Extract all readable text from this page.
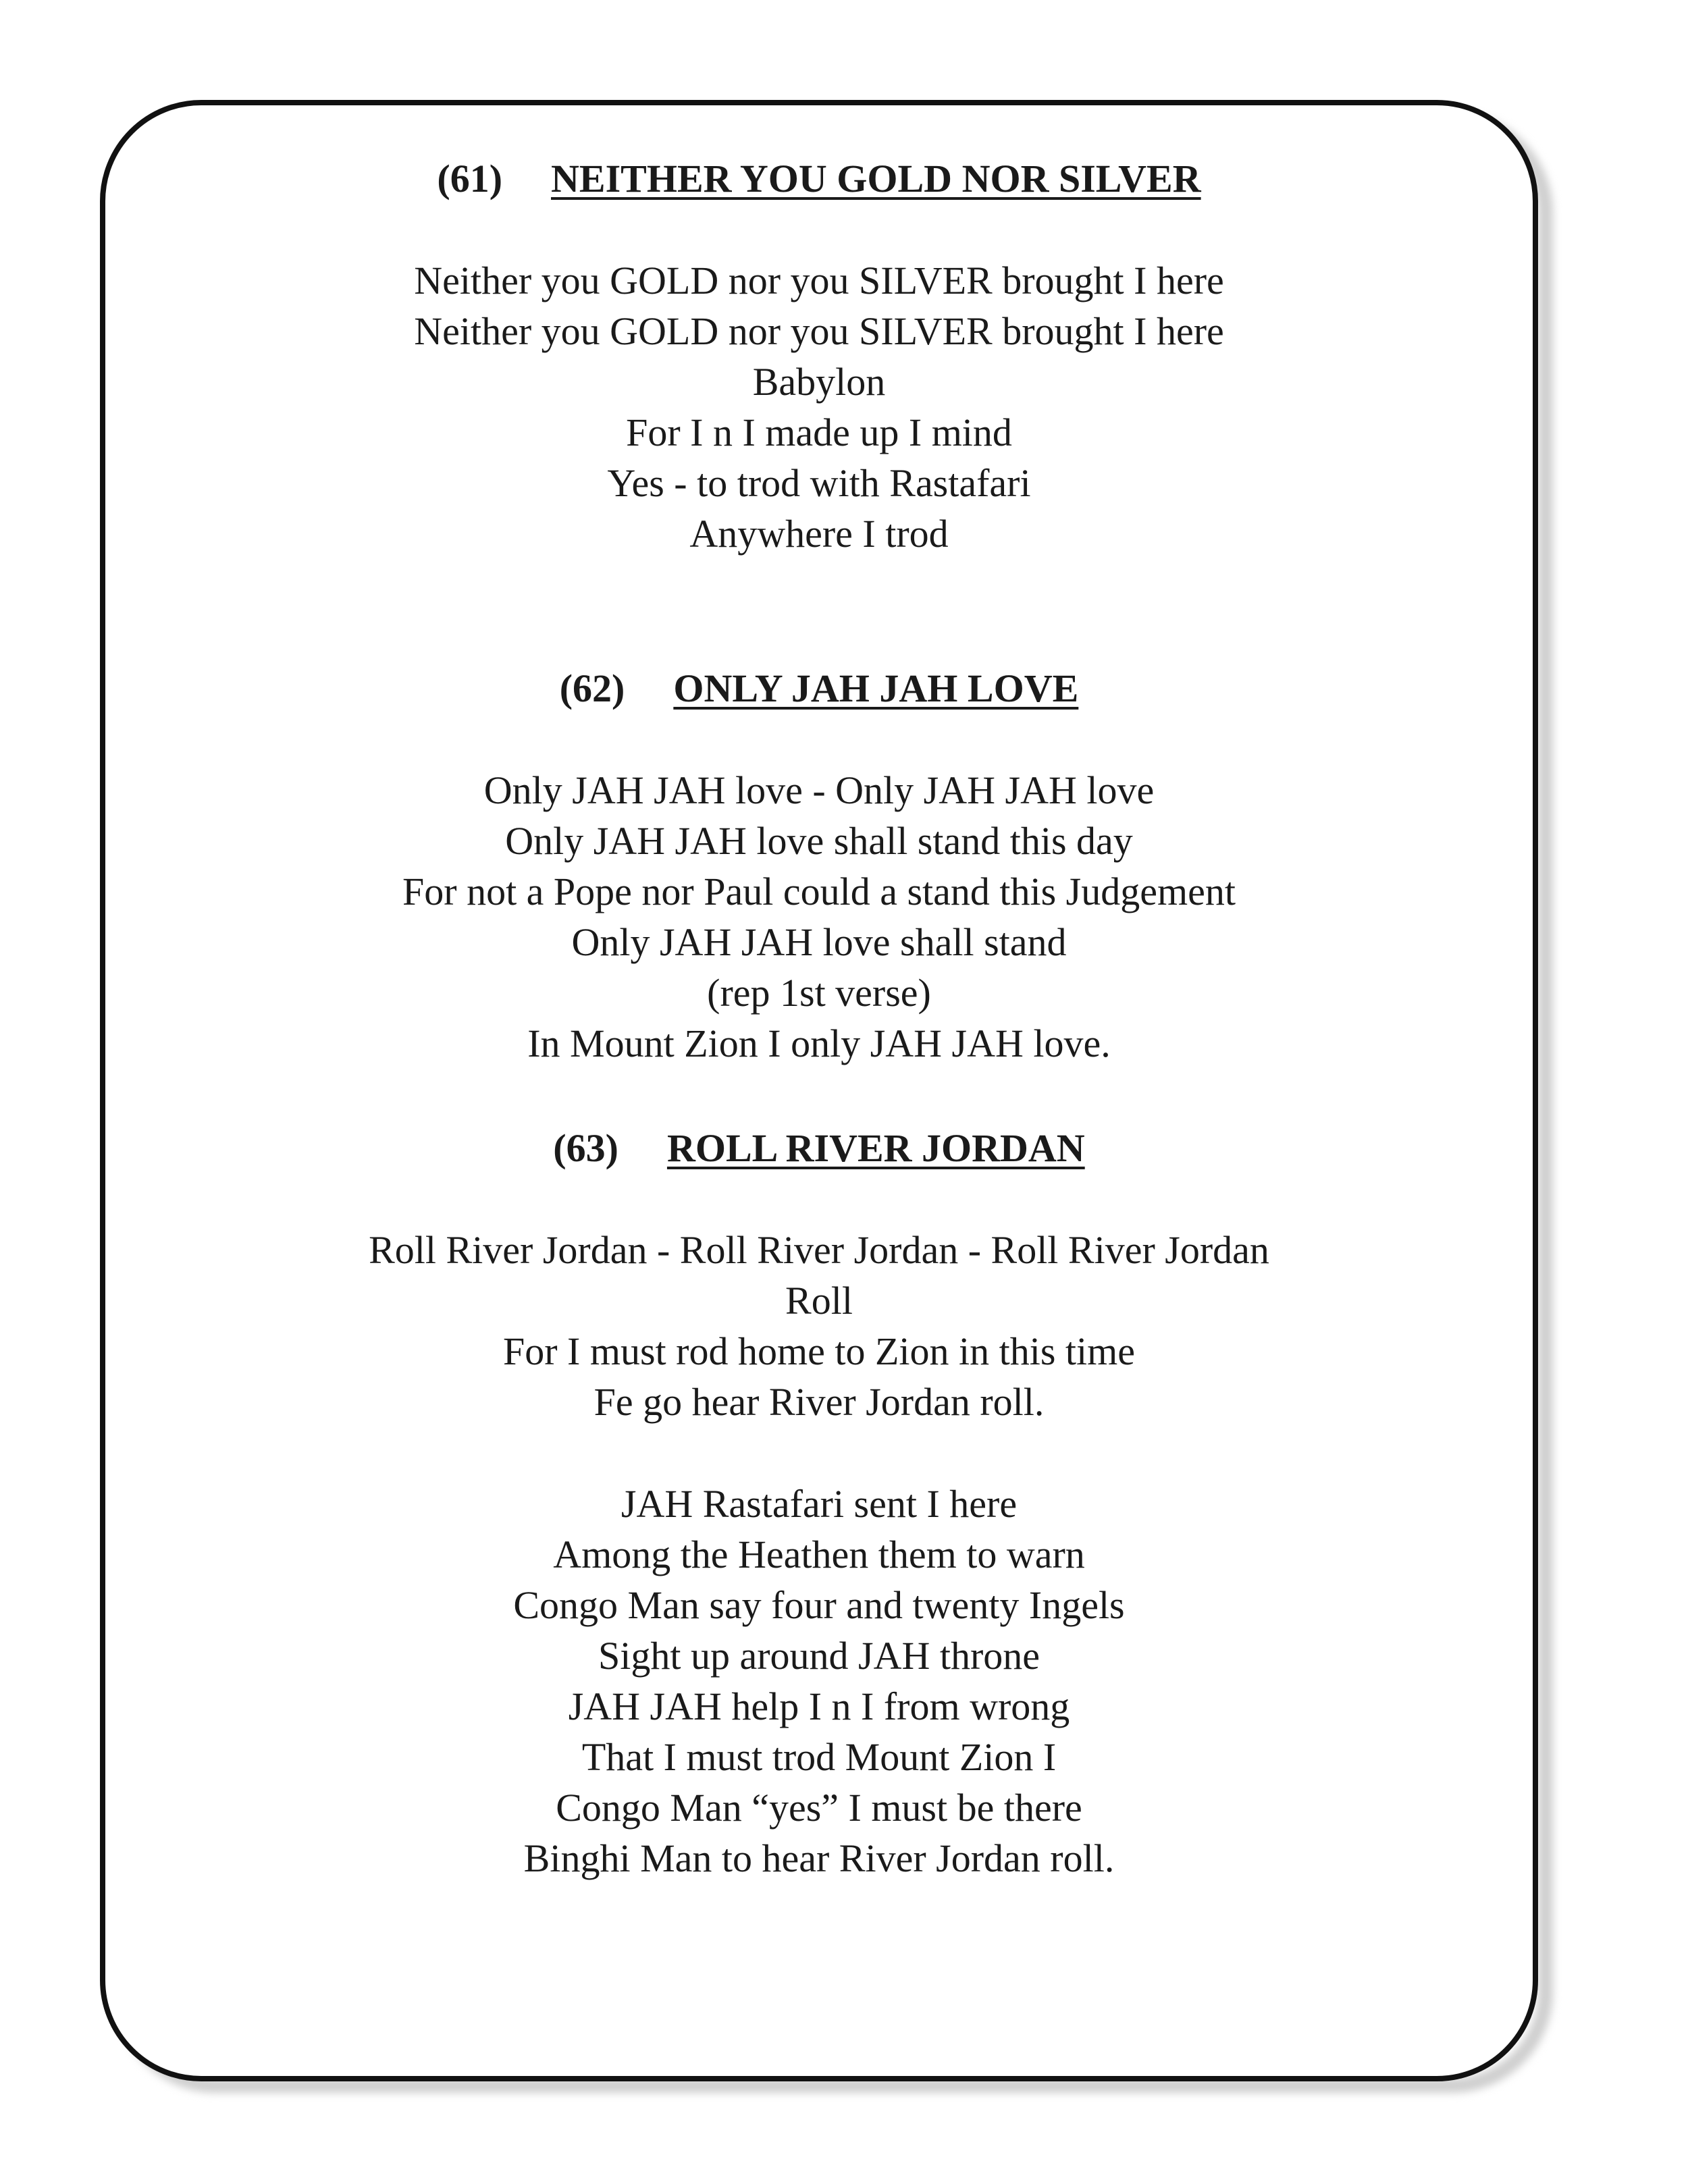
(61) NEITHER YOU GOLD NOR SILVER
Neither you GOLD nor you SILVER brought I here
Neither you GOLD nor you SILVER brought I here
Babylon
For I n I made up I mind
Yes - to trod with Rastafari
Anywhere I trod
(62) ONLY JAH JAH LOVE
Only JAH JAH love - Only JAH JAH love
Only JAH JAH love shall stand this day
For not a Pope nor Paul could a stand this Judgement
Only JAH JAH love shall stand
(rep 1st verse)
In Mount Zion I only JAH JAH love.
(63) ROLL RIVER JORDAN
Roll River Jordan - Roll River Jordan - Roll River Jordan
Roll
For I must rod home to Zion in this time
Fe go hear River Jordan roll.
JAH Rastafari sent I here
Among the Heathen them to warn
Congo Man say four and twenty Ingels
Sight up around JAH throne
JAH JAH help I n I from wrong
That I must trod Mount Zion I
Congo Man “yes” I must be there
Binghi Man to hear River Jordan roll.
